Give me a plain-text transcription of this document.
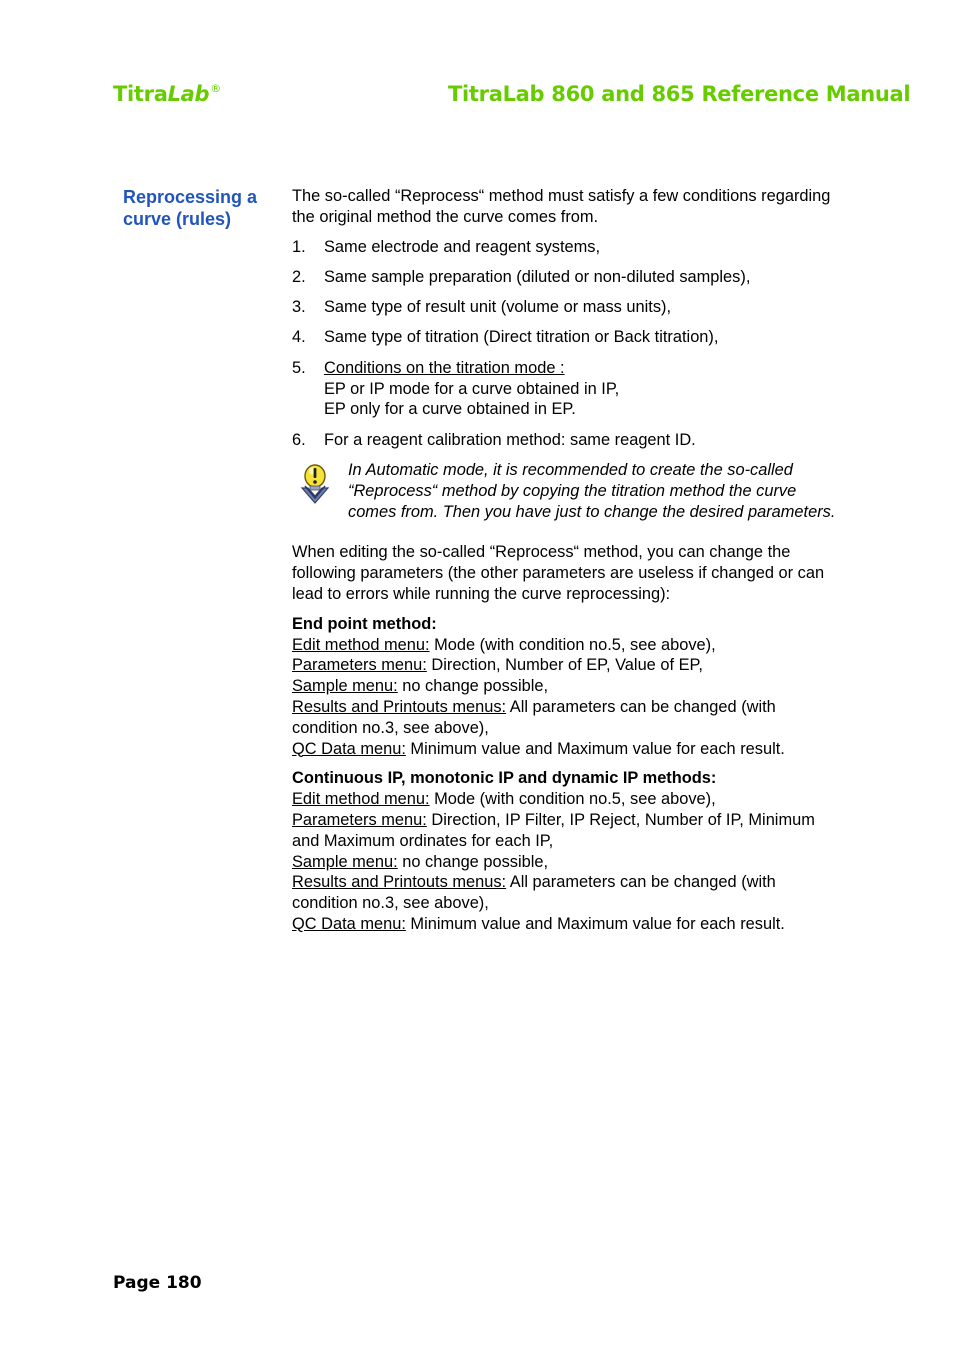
TitraLab®	TitraLab 860 and 865 Reference Manual
Reprocessing a curve (rules)

The so-called “Reprocess“ method must satisfy a few conditions regarding the original method the curve comes from.

1. Same electrode and reagent systems,
2. Same sample preparation (diluted or non-diluted samples),
3. Same type of result unit (volume or mass units),
4. Same type of titration (Direct titration or Back titration),
5. Conditions on the titration mode :
EP or IP mode for a curve obtained in IP,
EP only for a curve obtained in EP.
6. For a reagent calibration method: same reagent ID.

In Automatic mode, it is recommended to create the so-called “Reprocess“ method by copying the titration method the curve comes from. Then you have just to change the desired parameters.

When editing the so-called “Reprocess“ method, you can change the following parameters (the other parameters are useless if changed or can lead to errors while running the curve reprocessing):

End point method:
Edit method menu: Mode (with condition no.5, see above),
Parameters menu: Direction, Number of EP, Value of EP,
Sample menu: no change possible,
Results and Printouts menus: All parameters can be changed (with condition no.3, see above),
QC Data menu: Minimum value and Maximum value for each result.
Continuous IP, monotonic IP and dynamic IP methods:
Edit method menu: Mode (with condition no.5, see above),
Parameters menu: Direction, IP Filter, IP Reject, Number of IP, Minimum and Maximum ordinates for each IP,
Sample menu: no change possible,
Results and Printouts menus: All parameters can be changed (with condition no.3, see above),
QC Data menu: Minimum value and Maximum value for each result.
Page 180
